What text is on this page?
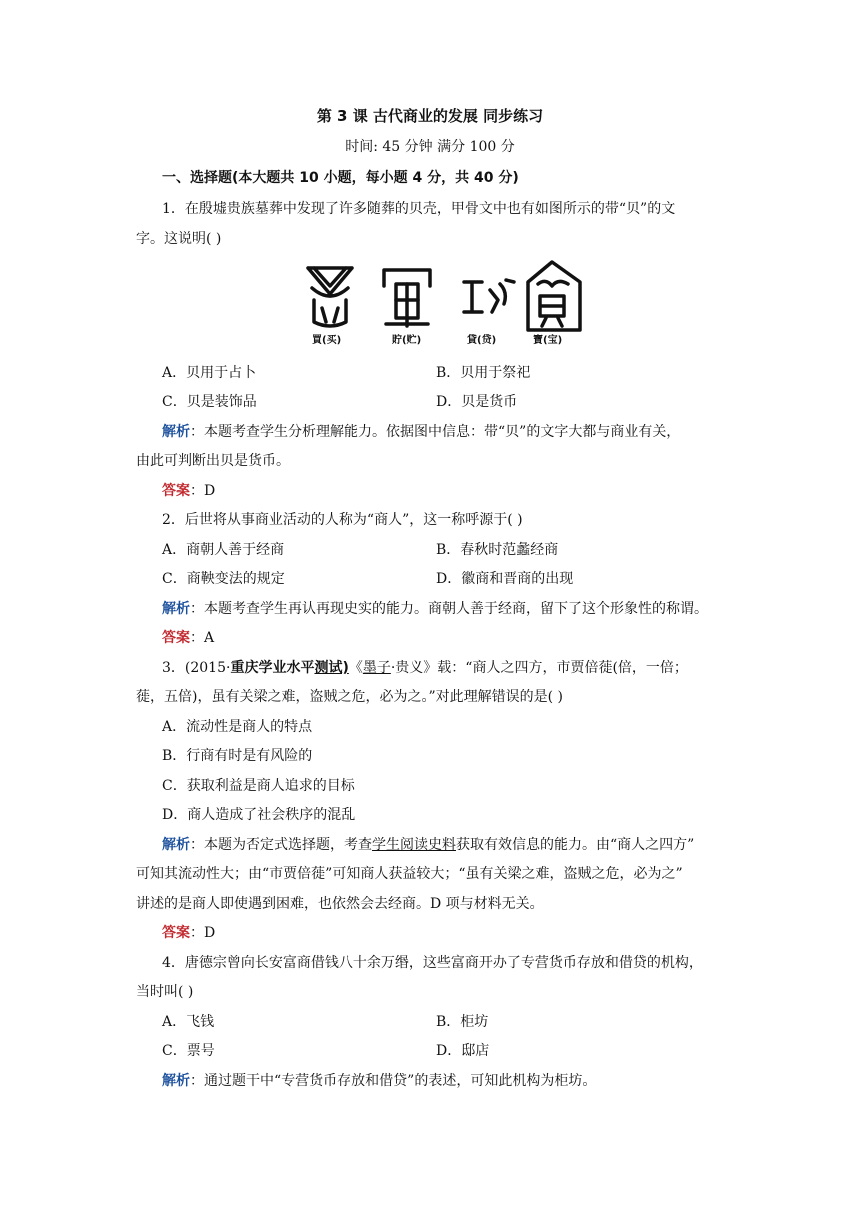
第 3 课 古代商业的发展 同步练习
时间: 45 分钟 满分 100 分
一、选择题(本大题共 10 小题，每小题 4 分，共 40 分)
1．在殷墟贵族墓葬中发现了许多随葬的贝壳，甲骨文中也有如图所示的带“贝”的文
字。这说明( )
買(买)	貯(贮)	貸(贷)	寶(宝)
A．贝用于占卜	B．贝用于祭祀
C．贝是装饰品	D．贝是货币
解析：本题考查学生分析理解能力。依据图中信息：带“贝”的文字大都与商业有关，
由此可判断出贝是货币。
答案：D
2．后世将从事商业活动的人称为“商人”，这一称呼源于( )
A．商朝人善于经商	B．春秋时范蠡经商
C．商鞅变法的规定	D．徽商和晋商的出现
解析：本题考查学生再认再现史实的能力。商朝人善于经商，留下了这个形象性的称谓。
答案：A
3．(2015·重庆学业水平测试)《墨子·贵义》载：“商人之四方，市贾倍蓰(倍，一倍；
蓰，五倍)，虽有关梁之难，盗贼之危，必为之。”对此理解错误的是( )
A．流动性是商人的特点
B．行商有时是有风险的
C．获取利益是商人追求的目标
D．商人造成了社会秩序的混乱
解析：本题为否定式选择题，考查学生阅读史料获取有效信息的能力。由“商人之四方”
可知其流动性大；由“市贾倍蓰”可知商人获益较大；“虽有关梁之难，盗贼之危，必为之”
讲述的是商人即使遇到困难，也依然会去经商。D 项与材料无关。
答案：D
4．唐德宗曾向长安富商借钱八十余万缗，这些富商开办了专营货币存放和借贷的机构，
当时叫( )
A．飞钱	B．柜坊
C．票号	D．邸店
解析：通过题干中“专营货币存放和借贷”的表述，可知此机构为柜坊。
